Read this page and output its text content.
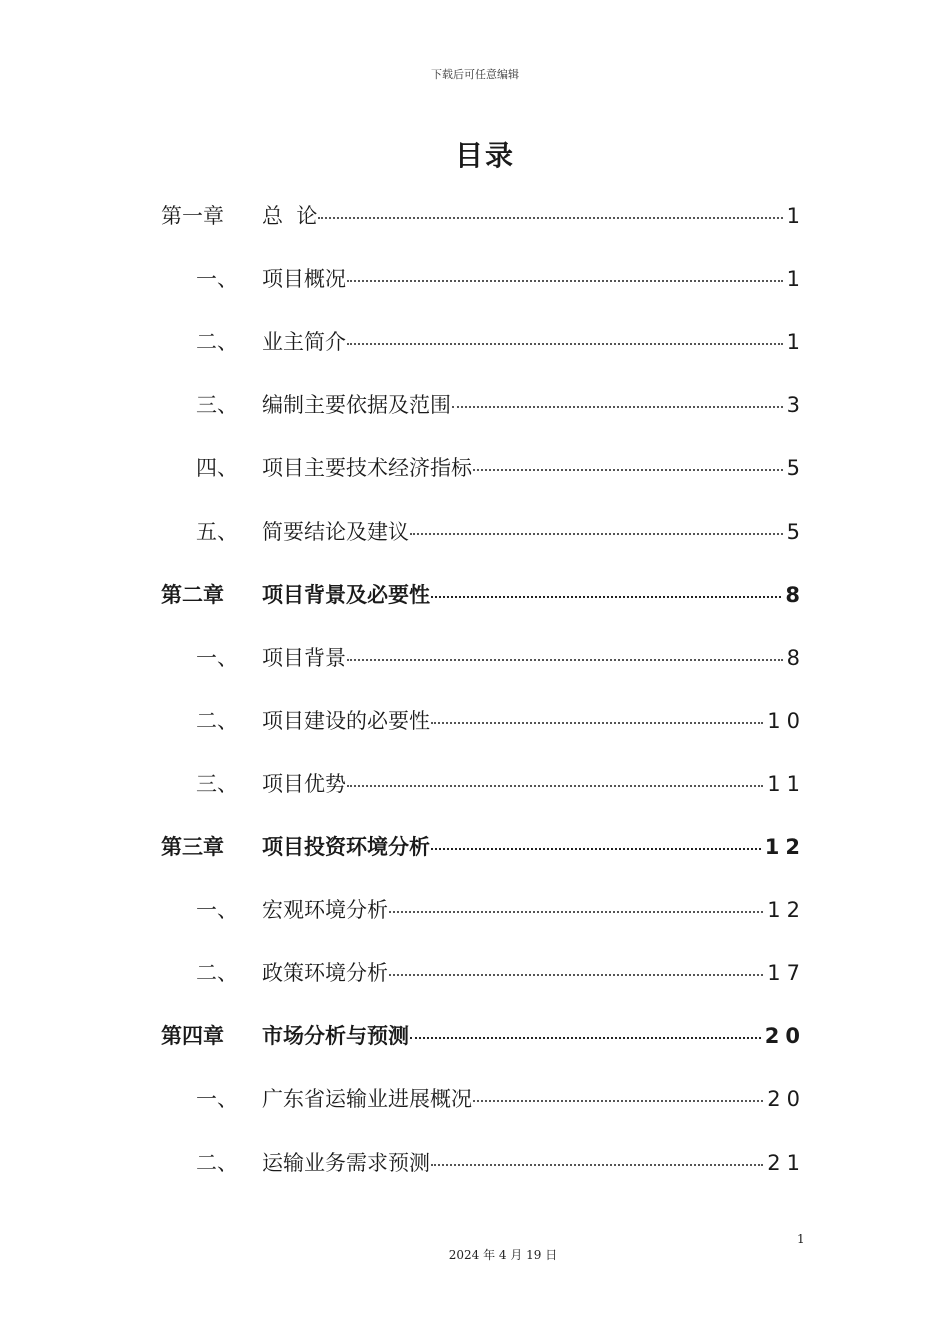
下载后可任意编辑
目录
第一章 总  论	1
一、 项目概况	1
二、 业主简介	1
三、 编制主要依据及范围	3
四、 项目主要技术经济指标	5
五、 简要结论及建议	5
第二章 项目背景及必要性	8
一、 项目背景	8
二、 项目建设的必要性	10
三、 项目优势	11
第三章 项目投资环境分析	12
一、 宏观环境分析	12
二、 政策环境分析	17
第四章 市场分析与预测	20
一、 广东省运输业进展概况	20
二、 运输业务需求预测	21
1
2024 年 4 月 19 日
